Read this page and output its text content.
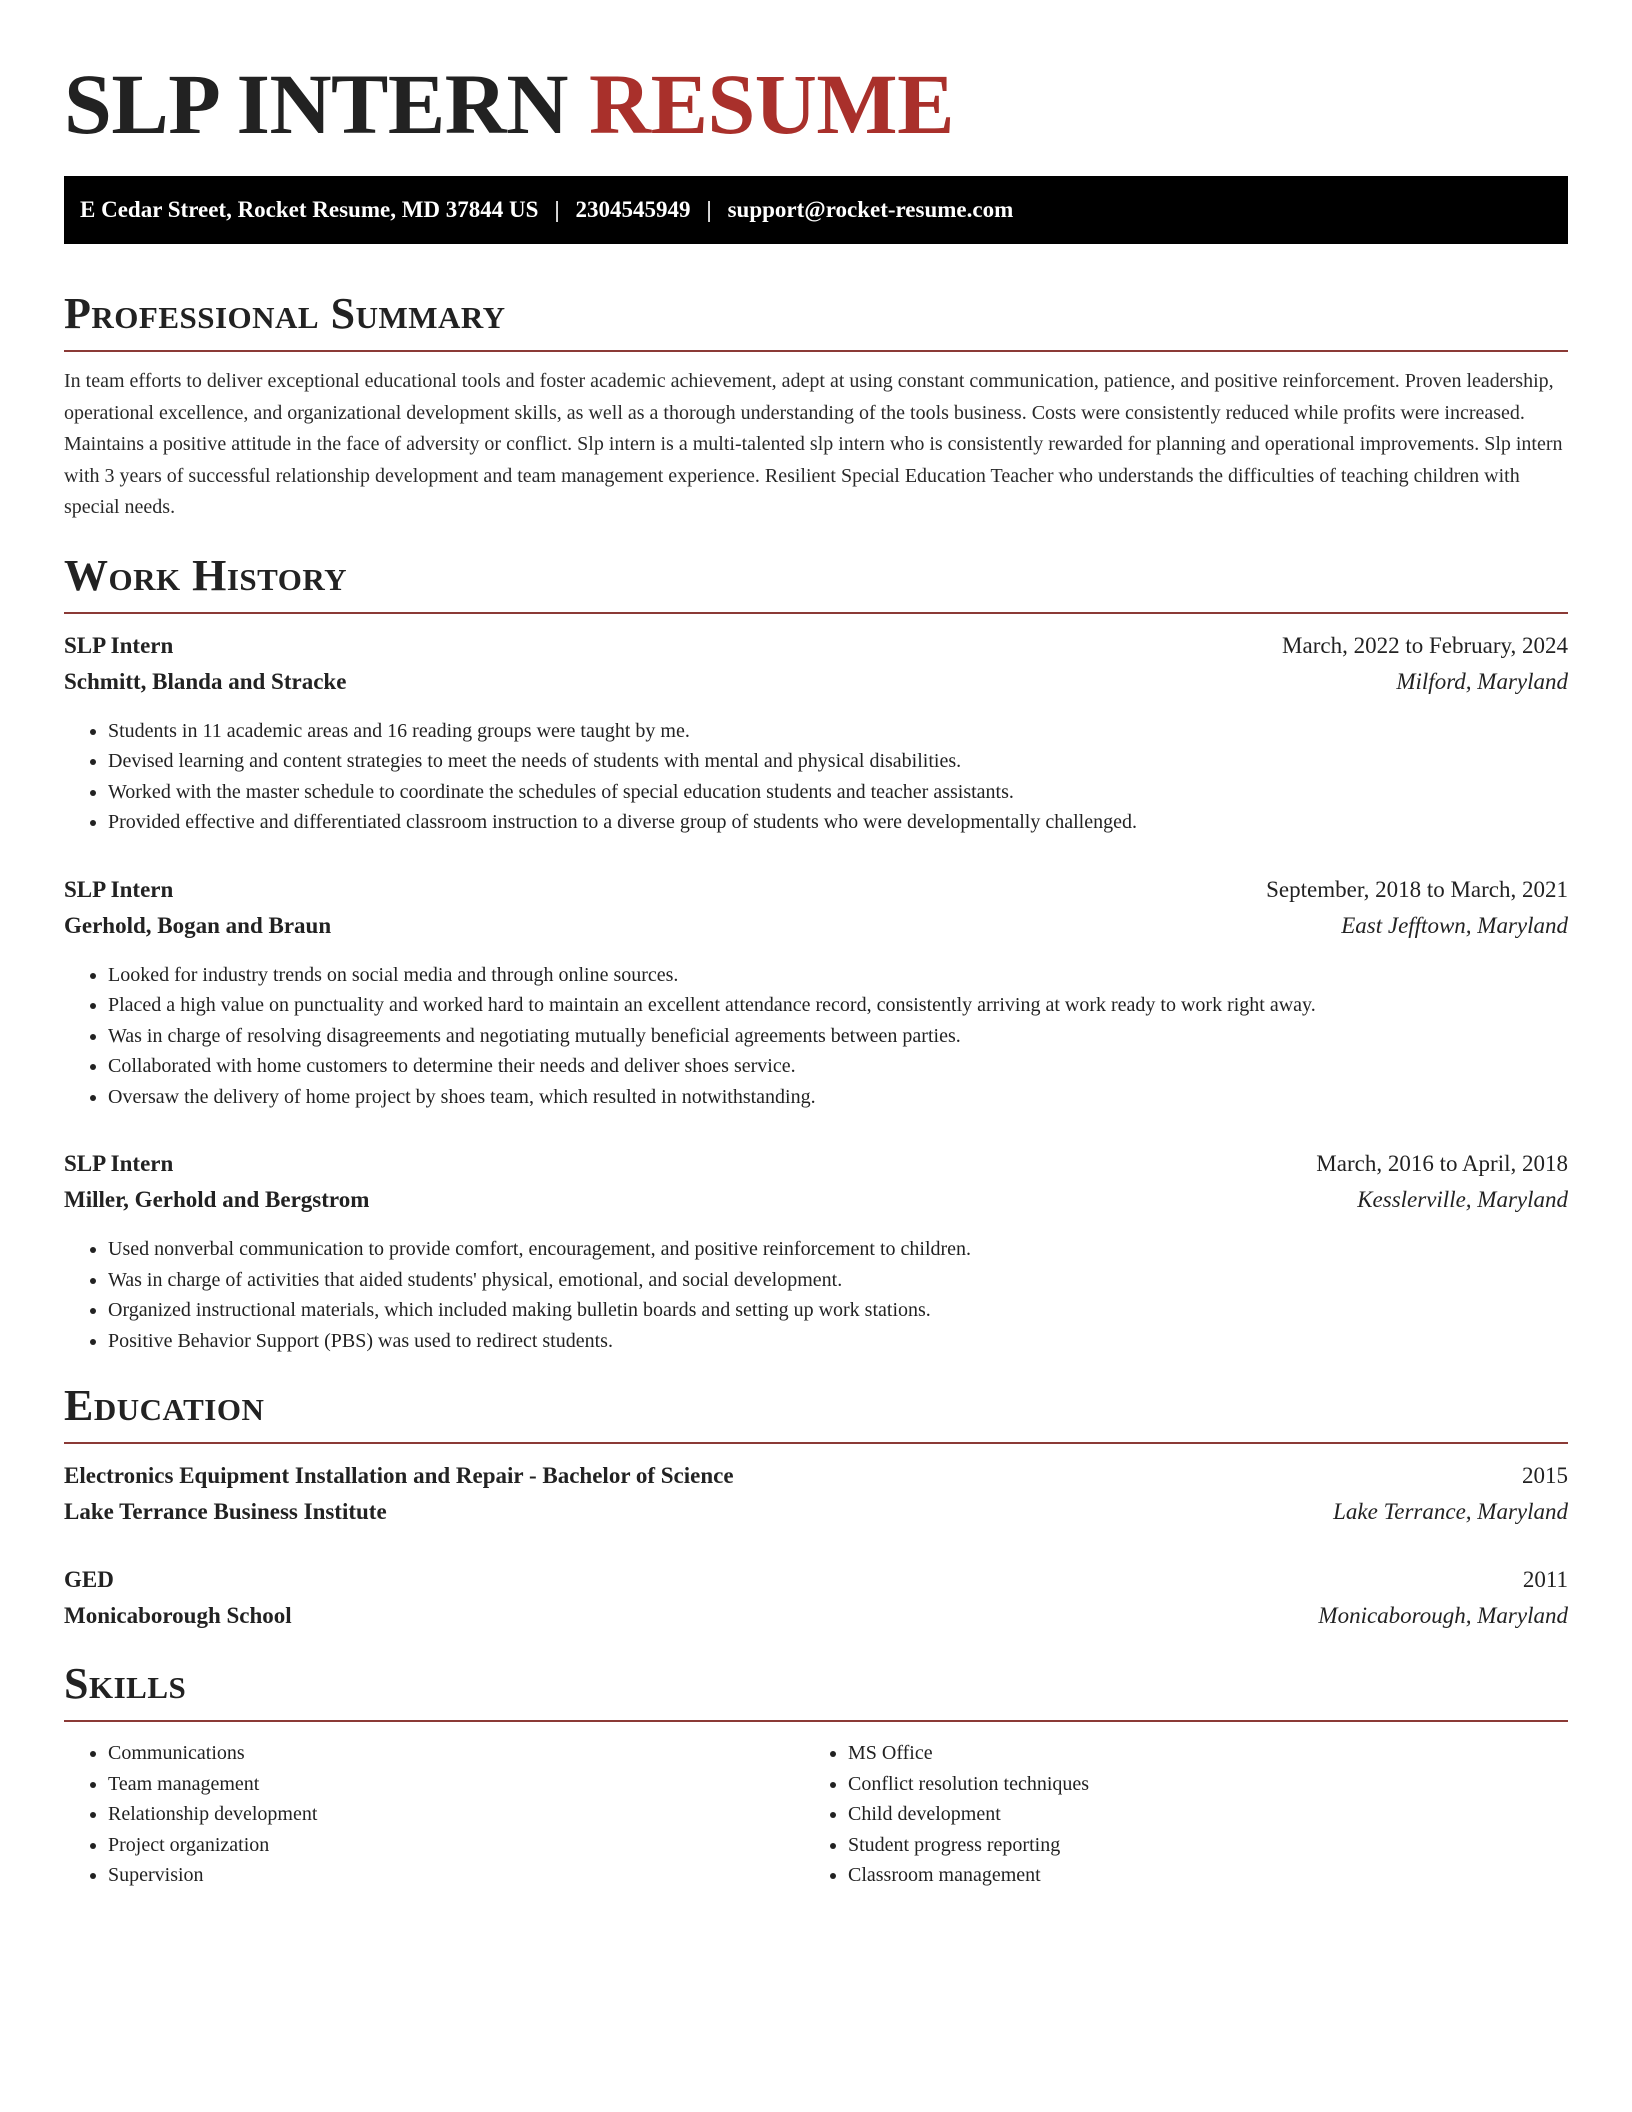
SLP INTERN RESUME
E Cedar Street, Rocket Resume, MD 37844 US | 2304545949 | support@rocket-resume.com
Professional Summary

In team efforts to deliver exceptional educational tools and foster academic achievement, adept at using constant communication, patience, and positive reinforcement. Proven leadership, operational excellence, and organizational development skills, as well as a thorough understanding of the tools business. Costs were consistently reduced while profits were increased. Maintains a positive attitude in the face of adversity or conflict. Slp intern is a multi-talented slp intern who is consistently rewarded for planning and operational improvements. Slp intern with 3 years of successful relationship development and team management experience. Resilient Special Education Teacher who understands the difficulties of teaching children with special needs.

Work History
SLP Intern	March, 2022 to February, 2024
Schmitt, Blanda and Stracke	Milford, Maryland
• Students in 11 academic areas and 16 reading groups were taught by me.
• Devised learning and content strategies to meet the needs of students with mental and physical disabilities.
• Worked with the master schedule to coordinate the schedules of special education students and teacher assistants.
• Provided effective and differentiated classroom instruction to a diverse group of students who were developmentally challenged.
SLP Intern	September, 2018 to March, 2021
Gerhold, Bogan and Braun	East Jefftown, Maryland
• Looked for industry trends on social media and through online sources.
• Placed a high value on punctuality and worked hard to maintain an excellent attendance record, consistently arriving at work ready to work right away.
• Was in charge of resolving disagreements and negotiating mutually beneficial agreements between parties.
• Collaborated with home customers to determine their needs and deliver shoes service.
• Oversaw the delivery of home project by shoes team, which resulted in notwithstanding.
SLP Intern	March, 2016 to April, 2018
Miller, Gerhold and Bergstrom	Kesslerville, Maryland
• Used nonverbal communication to provide comfort, encouragement, and positive reinforcement to children.
• Was in charge of activities that aided students' physical, emotional, and social development.
• Organized instructional materials, which included making bulletin boards and setting up work stations.
• Positive Behavior Support (PBS) was used to redirect students.
Education
Electronics Equipment Installation and Repair - Bachelor of Science	2015
Lake Terrance Business Institute	Lake Terrance, Maryland
GED	2011
Monicaborough School	Monicaborough, Maryland
Skills
• Communications
• Team management
• Relationship development
• Project organization
• Supervision
• MS Office
• Conflict resolution techniques
• Child development
• Student progress reporting
• Classroom management
